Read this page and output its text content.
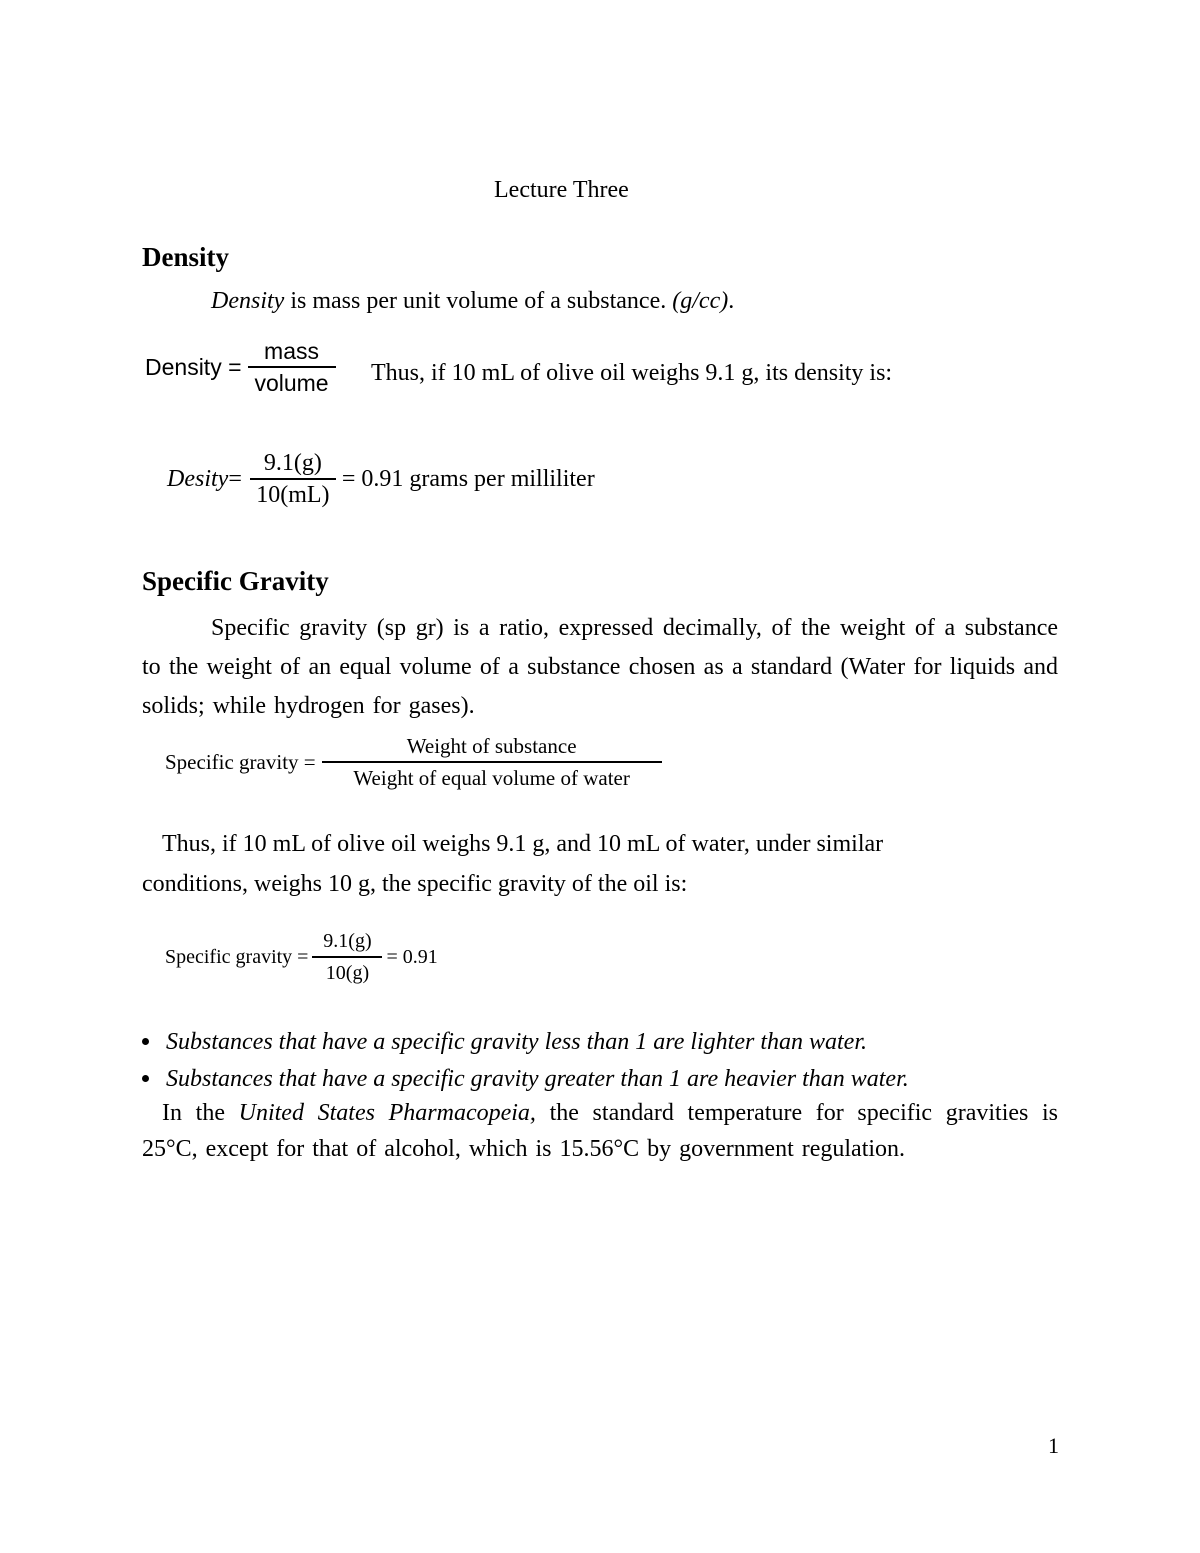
Lecture Three
Density
Density is mass per unit volume of a substance. (g/cc).
Density = $\frac{\text{mass}}{\text{volume}}$ Thus, if 10 mL of olive oil weighs 9.1 g, its density is:
Desity = $\frac{9.1(g)}{10(mL)} = 0.91$ grams per milliliter
Specific Gravity
Specific gravity (sp gr) is a ratio, expressed decimally, of the weight of a substance to the weight of an equal volume of a substance chosen as a standard (Water for liquids and solids; while hydrogen for gases).
Specific gravity = $\frac{\text{Weight of substance}}{\text{Weight of equal volume of water}}$
Thus, if 10 mL of olive oil weighs 9.1 g, and 10 mL of water, under similar
conditions, weighs 10 g, the specific gravity of the oil is:
Specific gravity = $\frac{9.1(g)}{10(g)} = 0.91$
Substances that have a specific gravity less than 1 are lighter than water.
Substances that have a specific gravity greater than 1 are heavier than water.
In the United States Pharmacopeia, the standard temperature for specific gravities is 25°C, except for that of alcohol, which is 15.56°C by government regulation.
1
